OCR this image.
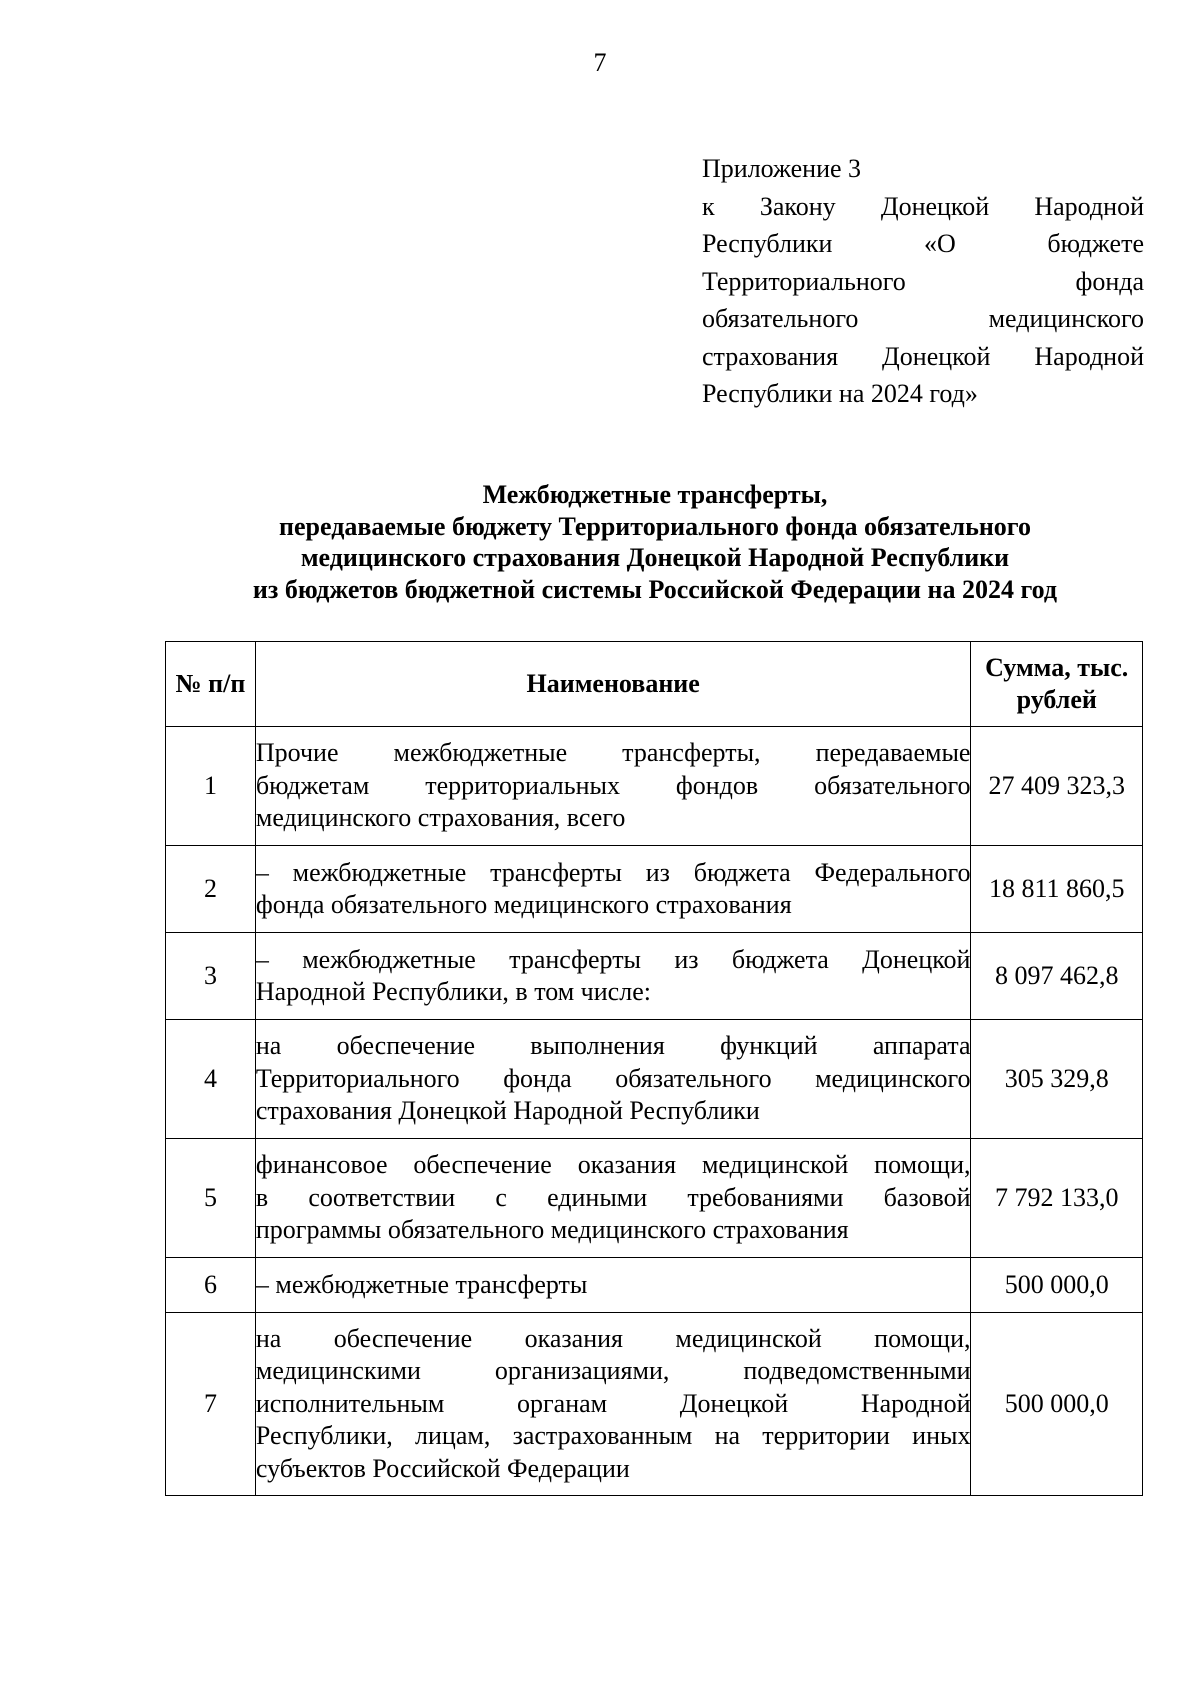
7
Приложение 3
к Закону Донецкой Народной
Республики «О бюджете
Территориального фонда
обязательного медицинского
страхования Донецкой Народной
Республики на 2024 год»
Межбюджетные трансферты,
передаваемые бюджету Территориального фонда обязательного
медицинского страхования Донецкой Народной Республики
из бюджетов бюджетной системы Российской Федерации на 2024 год
№ п/п	Наименование	Сумма, тыс.
рублей

1	Прочие межбюджетные трансферты, передаваемые
бюджетам территориальных фондов обязательного
медицинского страхования, всего	27 409 323,3
2	– межбюджетные трансферты из бюджета Федерального
фонда обязательного медицинского страхования	18 811 860,5
3	– межбюджетные трансферты из бюджета Донецкой
Народной Республики, в том числе:	8 097 462,8
4	на обеспечение выполнения функций аппарата
Территориального фонда обязательного медицинского
страхования Донецкой Народной Республики	305 329,8
5	финансовое обеспечение оказания медицинской помощи,
в соответствии с едиными требованиями базовой
программы обязательного медицинского страхования	7 792 133,0
6	– межбюджетные трансферты	500 000,0
7	на обеспечение оказания медицинской помощи,
медицинскими организациями, подведомственными
исполнительным органам Донецкой Народной
Республики, лицам, застрахованным на территории иных
субъектов Российской Федерации	500 000,0
